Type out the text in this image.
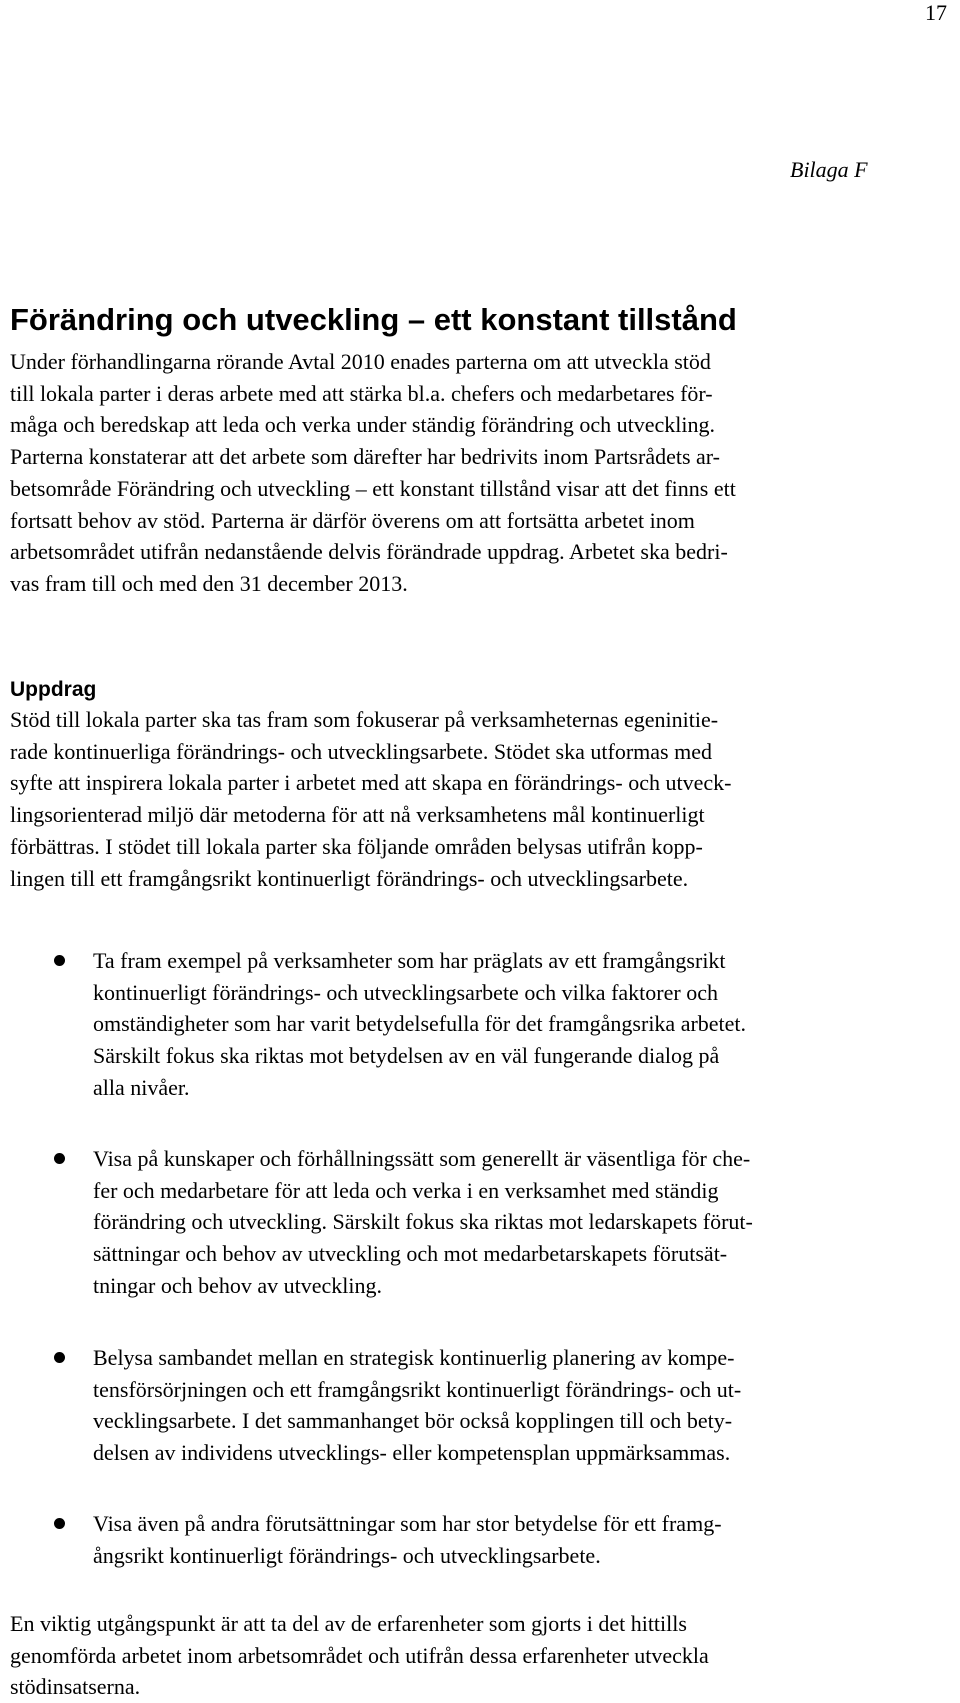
17
Bilaga F
Förändring och utveckling – ett konstant tillstånd

Under förhandlingarna rörande Avtal 2010 enades parterna om att utveckla stöd
till lokala parter i deras arbete med att stärka bl.a. chefers och medarbetares för-
måga och beredskap att leda och verka under ständig förändring och utveckling.
Parterna konstaterar att det arbete som därefter har bedrivits inom Partsrådets ar-
betsområde Förändring och utveckling – ett konstant tillstånd visar att det finns ett
fortsatt behov av stöd. Parterna är därför överens om att fortsätta arbetet inom
arbetsområdet utifrån nedanstående delvis förändrade uppdrag. Arbetet ska bedri-
vas fram till och med den 31 december 2013.

Uppdrag

Stöd till lokala parter ska tas fram som fokuserar på verksamheternas egeninitie-
rade kontinuerliga förändrings- och utvecklingsarbete. Stödet ska utformas med
syfte att inspirera lokala parter i arbetet med att skapa en förändrings- och utveck-
lingsorienterad miljö där metoderna för att nå verksamhetens mål kontinuerligt
förbättras. I stödet till lokala parter ska följande områden belysas utifrån kopp-
lingen till ett framgångsrikt kontinuerligt förändrings- och utvecklingsarbete.

Ta fram exempel på verksamheter som har präglats av ett framgångsrikt
kontinuerligt förändrings- och utvecklingsarbete och vilka faktorer och
omständigheter som har varit betydelsefulla för det framgångsrika arbetet.
Särskilt fokus ska riktas mot betydelsen av en väl fungerande dialog på
alla nivåer.
Visa på kunskaper och förhållningssätt som generellt är väsentliga för che-
fer och medarbetare för att leda och verka i en verksamhet med ständig
förändring och utveckling. Särskilt fokus ska riktas mot ledarskapets förut-
sättningar och behov av utveckling och mot medarbetarskapets förutsät-
tningar och behov av utveckling.
Belysa sambandet mellan en strategisk kontinuerlig planering av kompe-
tensförsörjningen och ett framgångsrikt kontinuerligt förändrings- och ut-
vecklingsarbete. I det sammanhanget bör också kopplingen till och bety-
delsen av individens utvecklings- eller kompetensplan uppmärksammas.
Visa även på andra förutsättningar som har stor betydelse för ett framg-
ångsrikt kontinuerligt förändrings- och utvecklingsarbete.

En viktig utgångspunkt är att ta del av de erfarenheter som gjorts i det hittills
genomförda arbetet inom arbetsområdet och utifrån dessa erfarenheter utveckla
stödinsatserna.
